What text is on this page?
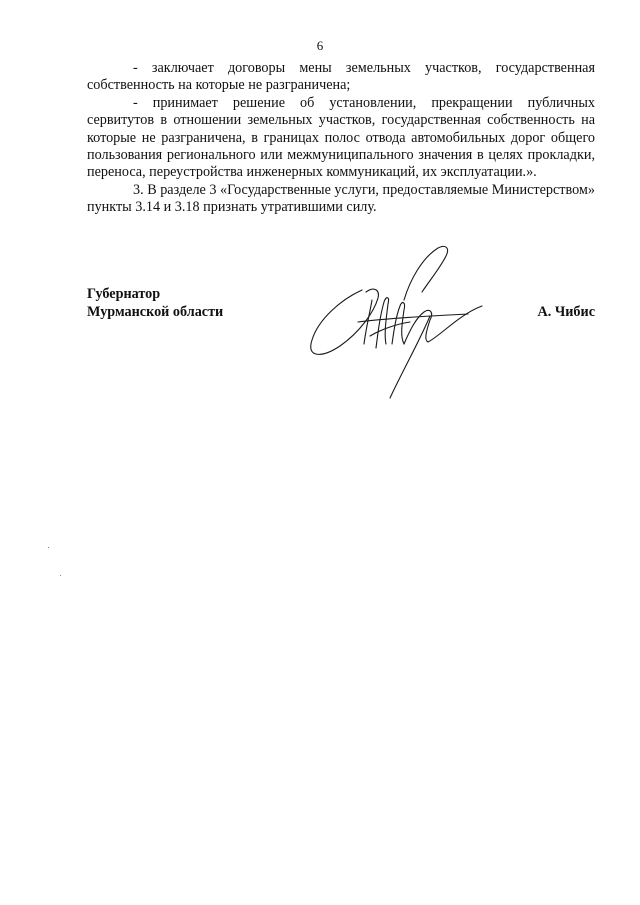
6

- заключает договоры мены земельных участков, государственная собственность на которые не разграничена;

- принимает решение об установлении, прекращении публичных сервитутов в отношении земельных участков, государственная собственность на которые не разграничена, в границах полос отвода автомобильных дорог общего пользования регионального или межмуниципального значения в целях прокладки, переноса, переустройства инженерных коммуникаций, их эксплуатации.».

3. В разделе 3 «Государственные услуги, предоставляемые Министерством» пункты 3.14 и 3.18 признать утратившими силу.

Губернатор
Мурманской области	А. Чибис
